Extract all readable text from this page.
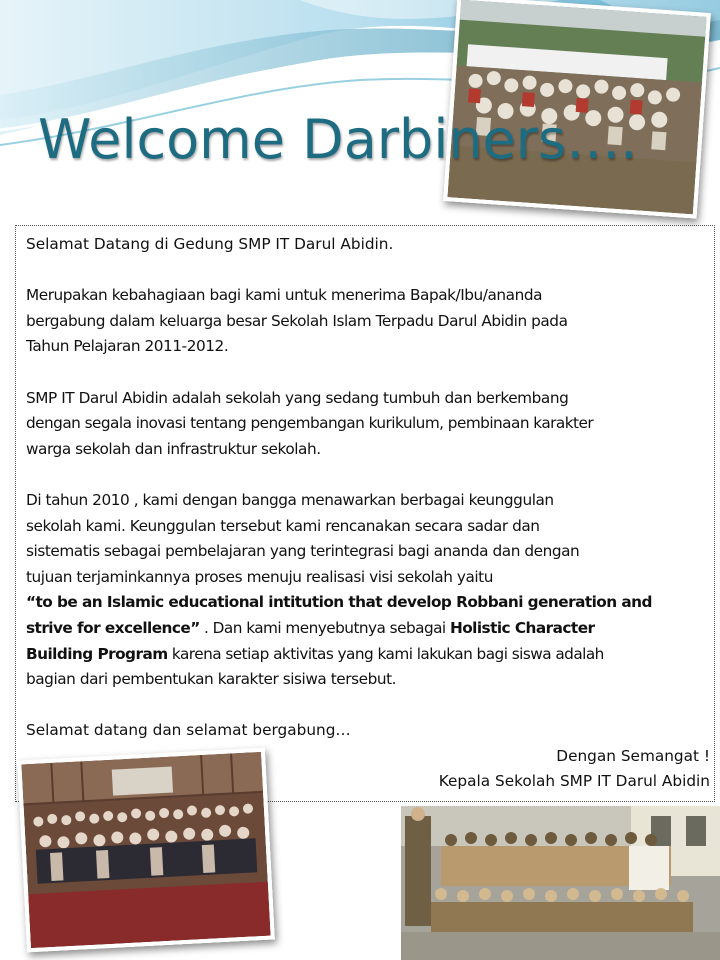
Welcome Darbiners….

Selamat Datang di Gedung SMP IT Darul Abidin.

Merupakan kebahagiaan bagi kami untuk menerima Bapak/Ibu/ananda

bergabung dalam keluarga besar Sekolah Islam Terpadu Darul Abidin pada

Tahun Pelajaran 2011-2012.

SMP IT Darul Abidin adalah sekolah yang sedang tumbuh dan berkembang

dengan segala inovasi tentang pengembangan kurikulum, pembinaan karakter

warga sekolah dan infrastruktur sekolah.

Di tahun 2010 , kami dengan bangga menawarkan berbagai keunggulan

sekolah kami. Keunggulan tersebut kami rencanakan secara sadar dan

sistematis sebagai pembelajaran yang terintegrasi bagi ananda dan dengan

tujuan terjaminkannya proses menuju realisasi visi sekolah yaitu

“to be an Islamic educational intitution that develop Robbani generation and

strive for excellence” . Dan kami menyebutnya sebagai Holistic Character

Building Program karena setiap aktivitas yang kami lakukan bagi siswa adalah

bagian dari pembentukan karakter sisiwa tersebut.

Selamat datang dan selamat bergabung…

Dengan Semangat !

Kepala Sekolah SMP IT Darul Abidin
